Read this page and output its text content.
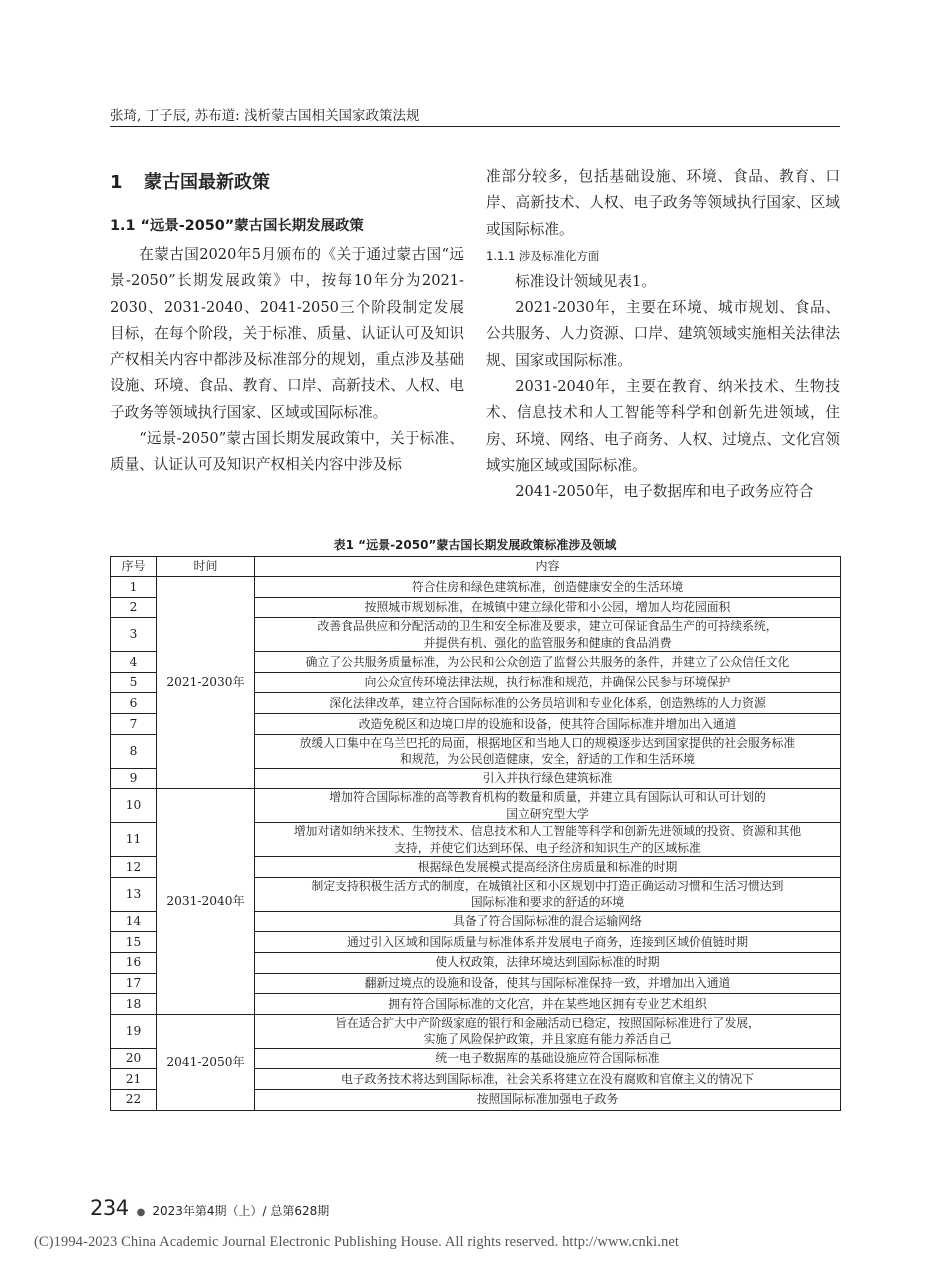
张琦, 丁子辰, 苏布道: 浅析蒙古国相关国家政策法规
1 蒙古国最新政策
1.1 “远景-2050”蒙古国长期发展政策

在蒙古国2020年5月颁布的《关于通过蒙古国“远景-2050”长期发展政策》中，按每10年分为2021-2030、2031-2040、2041-2050三个阶段制定发展目标，在每个阶段，关于标准、质量、认证认可及知识产权相关内容中都涉及标准部分的规划，重点涉及基础设施、环境、食品、教育、口岸、高新技术、人权、电子政务等领域执行国家、区域或国际标准。

“远景-2050”蒙古国长期发展政策中，关于标准、质量、认证认可及知识产权相关内容中涉及标

准部分较多，包括基础设施、环境、食品、教育、口岸、高新技术、人权、电子政务等领域执行国家、区域或国际标准。

1.1.1 涉及标准化方面

标准设计领域见表1。

2021-2030年，主要在环境、城市规划、食品、公共服务、人力资源、口岸、建筑领域实施相关法律法规、国家或国际标准。

2031-2040年，主要在教育、纳米技术、生物技术、信息技术和人工智能等科学和创新先进领域，住房、环境、网络、电子商务、人权、过境点、文化宫领域实施区域或国际标准。

2041-2050年，电子数据库和电子政务应符合

表1 “远景-2050”蒙古国长期发展政策标准涉及领域
序号	时间	内容
1	2021-2030年	符合住房和绿色建筑标准，创造健康安全的生活环境

2		按照城市规划标准，在城镇中建立绿化带和小公园，增加人均花园面积

3		改善食品供应和分配活动的卫生和安全标准及要求，建立可保证食品生产的可持续系统，
并提供有机、强化的监管服务和健康的食品消费

4		确立了公共服务质量标准，为公民和公众创造了监督公共服务的条件，并建立了公众信任文化

5		向公众宣传环境法律法规，执行标准和规范，并确保公民参与环境保护

6		深化法律改革，建立符合国际标准的公务员培训和专业化体系，创造熟练的人力资源

7		改造免税区和边境口岸的设施和设备，使其符合国际标准并增加出入通道

8		放缓人口集中在乌兰巴托的局面，根据地区和当地人口的规模逐步达到国家提供的社会服务标准
和规范，为公民创造健康，安全，舒适的工作和生活环境

9		引入并执行绿色建筑标准

10	2031-2040年	增加符合国际标准的高等教育机构的数量和质量，并建立具有国际认可和认可计划的
国立研究型大学

11		增加对诸如纳米技术、生物技术、信息技术和人工智能等科学和创新先进领域的投资、资源和其他
支持，并使它们达到环保、电子经济和知识生产的区域标准

12		根据绿色发展模式提高经济住房质量和标准的时期

13		制定支持积极生活方式的制度，在城镇社区和小区规划中打造正确运动习惯和生活习惯达到
国际标准和要求的舒适的环境

14		具备了符合国际标准的混合运输网络

15		通过引入区域和国际质量与标准体系并发展电子商务，连接到区域价值链时期

16		使人权政策，法律环境达到国际标准的时期

17		翻新过境点的设施和设备，使其与国际标准保持一致，并增加出入通道

18		拥有符合国际标准的文化宫，并在某些地区拥有专业艺术组织

19	2041-2050年	旨在适合扩大中产阶级家庭的银行和金融活动已稳定，按照国际标准进行了发展，
实施了风险保护政策，并且家庭有能力养活自己

20		统一电子数据库的基础设施应符合国际标准

21		电子政务技术将达到国际标准，社会关系将建立在没有腐败和官僚主义的情况下

22		按照国际标准加强电子政务
234 ● 2023年第4期（上）/ 总第628期
(C)1994-2023 China Academic Journal Electronic Publishing House. All rights reserved. http://www.cnki.net
